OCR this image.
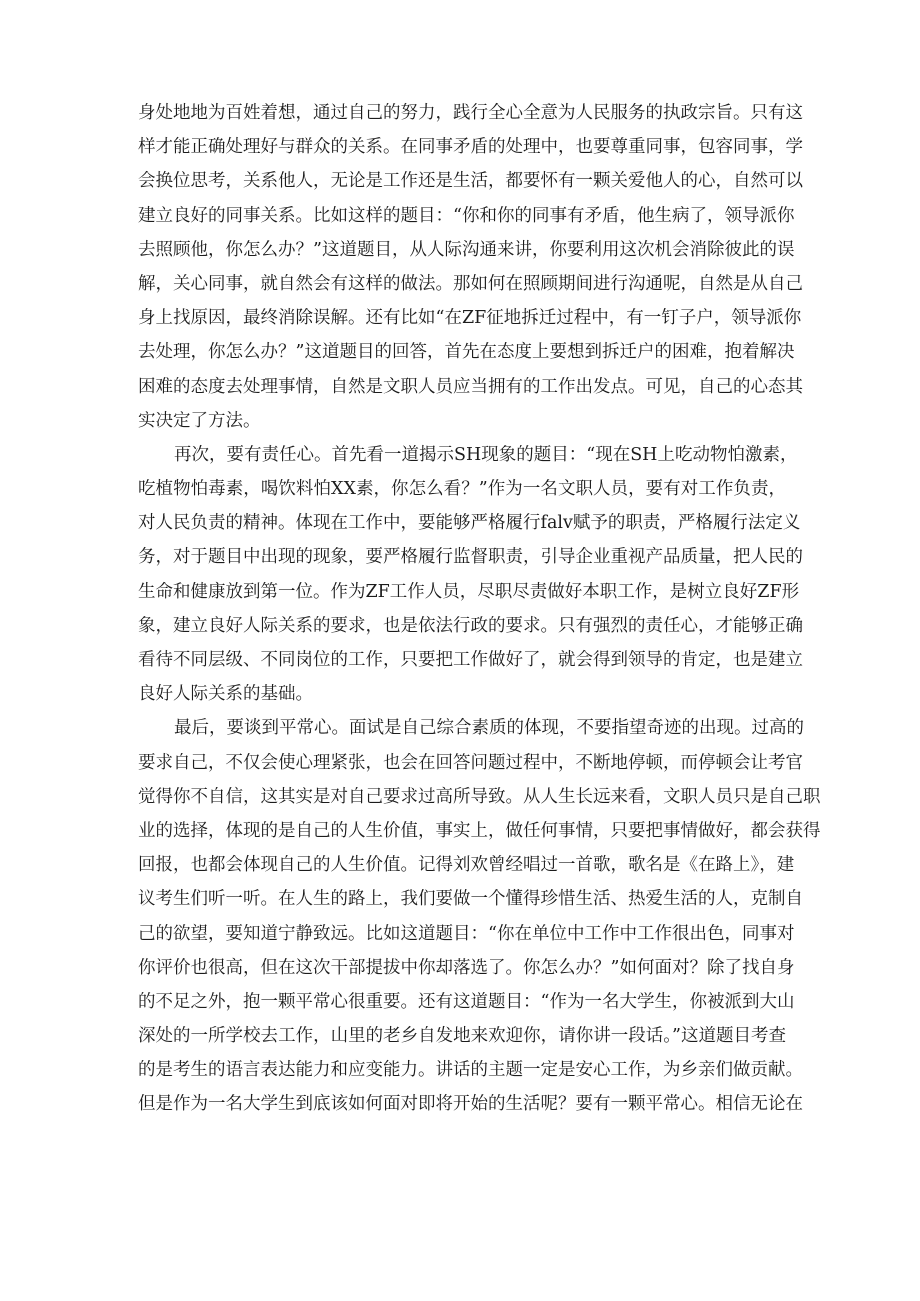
身处地地为百姓着想，通过自己的努力，践行全心全意为人民服务的执政宗旨。只有这
样才能正确处理好与群众的关系。在同事矛盾的处理中，也要尊重同事，包容同事，学
会换位思考，关系他人，无论是工作还是生活，都要怀有一颗关爱他人的心，自然可以
建立良好的同事关系。比如这样的题目：“你和你的同事有矛盾，他生病了，领导派你
去照顾他，你怎么办？”这道题目，从人际沟通来讲，你要利用这次机会消除彼此的误
解，关心同事，就自然会有这样的做法。那如何在照顾期间进行沟通呢，自然是从自己
身上找原因，最终消除误解。还有比如“在ZF征地拆迁过程中，有一钉子户，领导派你
去处理，你怎么办？”这道题目的回答，首先在态度上要想到拆迁户的困难，抱着解决
困难的态度去处理事情，自然是文职人员应当拥有的工作出发点。可见，自己的心态其
实决定了方法。
再次，要有责任心。首先看一道揭示SH现象的题目：“现在SH上吃动物怕激素，
吃植物怕毒素，喝饮料怕XX素，你怎么看？”作为一名文职人员，要有对工作负责，
对人民负责的精神。体现在工作中，要能够严格履行falv赋予的职责，严格履行法定义
务，对于题目中出现的现象，要严格履行监督职责，引导企业重视产品质量，把人民的
生命和健康放到第一位。作为ZF工作人员，尽职尽责做好本职工作，是树立良好ZF形
象，建立良好人际关系的要求，也是依法行政的要求。只有强烈的责任心，才能够正确
看待不同层级、不同岗位的工作，只要把工作做好了，就会得到领导的肯定，也是建立
良好人际关系的基础。
最后，要谈到平常心。面试是自己综合素质的体现，不要指望奇迹的出现。过高的
要求自己，不仅会使心理紧张，也会在回答问题过程中，不断地停顿，而停顿会让考官
觉得你不自信，这其实是对自己要求过高所导致。从人生长远来看，文职人员只是自己职
业的选择，体现的是自己的人生价值，事实上，做任何事情，只要把事情做好，都会获得
回报，也都会体现自己的人生价值。记得刘欢曾经唱过一首歌，歌名是《在路上》，建
议考生们听一听。在人生的路上，我们要做一个懂得珍惜生活、热爱生活的人，克制自
己的欲望，要知道宁静致远。比如这道题目：“你在单位中工作中工作很出色，同事对
你评价也很高，但在这次干部提拔中你却落选了。你怎么办？”如何面对？除了找自身
的不足之外，抱一颗平常心很重要。还有这道题目：“作为一名大学生，你被派到大山
深处的一所学校去工作，山里的老乡自发地来欢迎你，请你讲一段话。”这道题目考查
的是考生的语言表达能力和应变能力。讲话的主题一定是安心工作，为乡亲们做贡献。
但是作为一名大学生到底该如何面对即将开始的生活呢？要有一颗平常心。相信无论在
